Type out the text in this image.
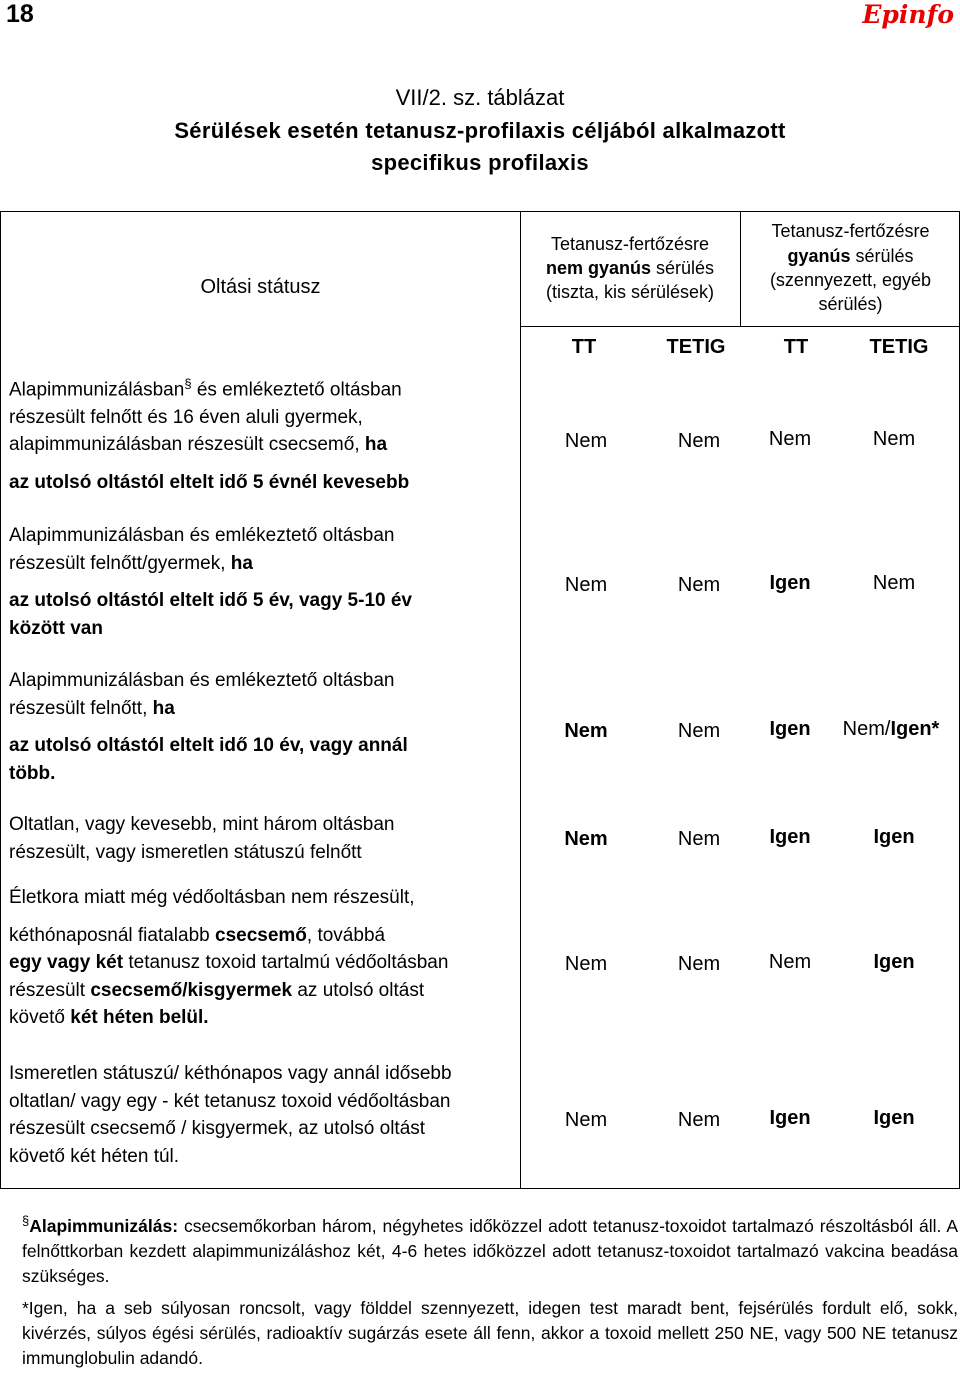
18	Epinfo
VII/2. sz. táblázat
Sérülések esetén tetanusz-profilaxis céljából alkalmazott
specifikus profilaxis
Oltási státusz
Tetanusz-fertőzésre
nem gyanús sérülés
(tiszta, kis sérülések)
Tetanusz-fertőzésre
gyanús sérülés
(szennyezett, egyéb
sérülés)
TT	TETIG	TT	TETIG

Alapimmunizálásban§ és emlékeztető oltásban

részesült felnőtt és 16 éven aluli gyermek,

alapimmunizálásban részesült csecsemő, ha

az utolsó oltástól eltelt idő 5 évnél kevesebb

Nem	Nem	Nem	Nem

Alapimmunizálásban és emlékeztető oltásban

részesült felnőtt/gyermek, ha

az utolsó oltástól eltelt idő 5 év, vagy 5-10 év

között van

Nem	Nem	Igen	Nem

Alapimmunizálásban és emlékeztető oltásban

részesült felnőtt, ha

az utolsó oltástól eltelt idő 10 év, vagy annál

több.

Nem	Nem	Igen	Nem/Igen*

Oltatlan, vagy kevesebb, mint három oltásban

részesült, vagy ismeretlen státuszú felnőtt

Nem	Nem	Igen	Igen

Életkora miatt még védőoltásban nem részesült,

kéthónaposnál fiatalabb csecsemő, továbbá

egy vagy két tetanusz toxoid tartalmú védőoltásban

részesült csecsemő/kisgyermek az utolsó oltást

követő két héten belül.

Nem	Nem	Nem	Igen

Ismeretlen státuszú/ kéthónapos vagy annál idősebb

oltatlan/ vagy egy - két tetanusz toxoid védőoltásban

részesült csecsemő / kisgyermek, az utolsó oltást

követő két héten túl.

Nem	Nem	Igen	Igen

§Alapimmunizálás: csecsemőkorban három, négyhetes időközzel adott tetanusz-toxoidot tartalmazó részoltásból áll. A felnőttkorban kezdett alapimmunizáláshoz két, 4-6 hetes időközzel adott tetanusz-toxoidot tartalmazó vakcina beadása szükséges.

*Igen, ha a seb súlyosan roncsolt, vagy földdel szennyezett, idegen test maradt bent, fejsérülés fordult elő, sokk, kivérzés, súlyos égési sérülés, radioaktív sugárzás esete áll fenn, akkor a toxoid mellett 250 NE, vagy 500 NE tetanusz immunglobulin adandó.
